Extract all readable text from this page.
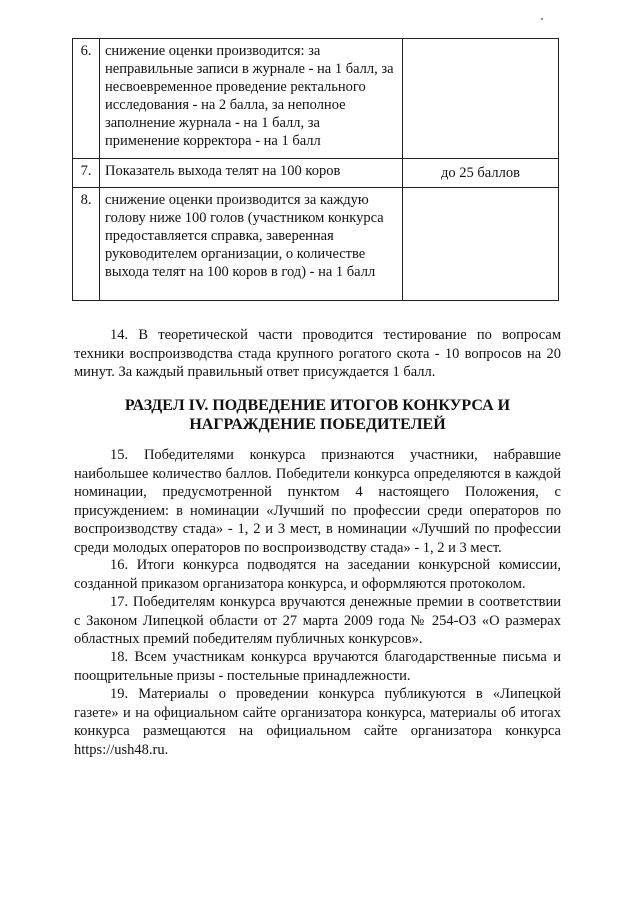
6.	снижение оценки производится: за неправильные записи в журнале - на 1 балл, за несвоевременное проведение ректального исследования - на 2 балла, за неполное заполнение журнала - на 1 балл, за применение корректора - на 1 балл	
7.	Показатель выхода телят на 100 коров	до 25 баллов
8.	снижение оценки производится за каждую голову ниже 100 голов (участником конкурса предоставляется справка, заверенная руководителем организации, о количестве выхода телят на 100 коров в год) - на 1 балл	
14. В теоретической части проводится тестирование по вопросам техники воспроизводства стада крупного рогатого скота - 10 вопросов на 20 минут. За каждый правильный ответ присуждается 1 балл.
РАЗДЕЛ IV. ПОДВЕДЕНИЕ ИТОГОВ КОНКУРСА И НАГРАЖДЕНИЕ ПОБЕДИТЕЛЕЙ
15. Победителями конкурса признаются участники, набравшие наибольшее количество баллов. Победители конкурса определяются в каждой номинации, предусмотренной пунктом 4 настоящего Положения, с присуждением: в номинации «Лучший по профессии среди операторов по воспроизводству стада» - 1, 2 и 3 мест, в номинации «Лучший по профессии среди молодых операторов по воспроизводству стада» - 1, 2 и 3 мест.
16. Итоги конкурса подводятся на заседании конкурсной комиссии, созданной приказом организатора конкурса, и оформляются протоколом.
17. Победителям конкурса вручаются денежные премии в соответствии с Законом Липецкой области от 27 марта 2009 года № 254-ОЗ «О размерах областных премий победителям публичных конкурсов».
18. Всем участникам конкурса вручаются благодарственные письма и поощрительные призы - постельные принадлежности.
19. Материалы о проведении конкурса публикуются в «Липецкой газете» и на официальном сайте организатора конкурса, материалы об итогах конкурса размещаются на официальном сайте организатора конкурса https://ush48.ru.
